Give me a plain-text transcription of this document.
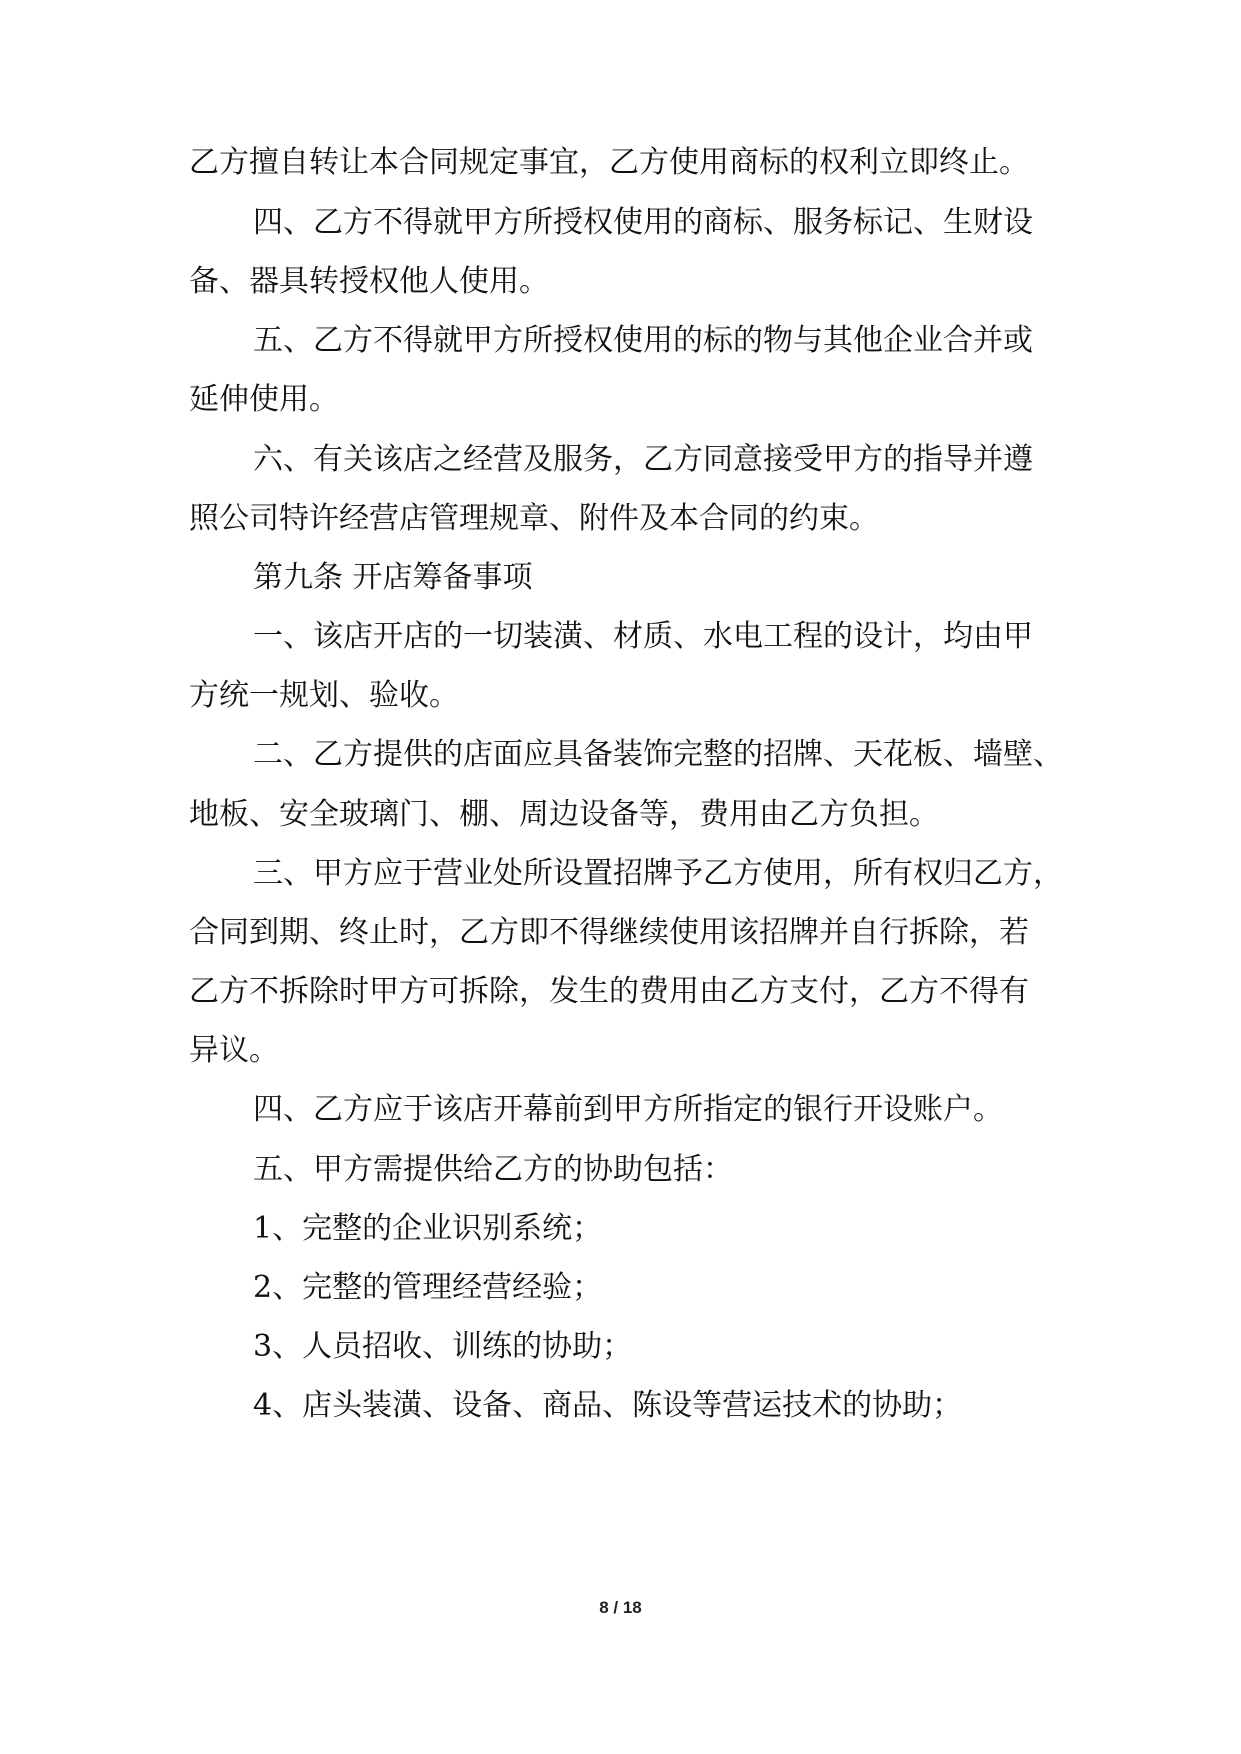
乙方擅自转让本合同规定事宜，乙方使用商标的权利立即终止。
四、乙方不得就甲方所授权使用的商标、服务标记、生财设
备、器具转授权他人使用。
五、乙方不得就甲方所授权使用的标的物与其他企业合并或
延伸使用。
六、有关该店之经营及服务，乙方同意接受甲方的指导并遵
照公司特许经营店管理规章、附件及本合同的约束。
第九条 开店筹备事项
一、该店开店的一切装潢、材质、水电工程的设计，均由甲
方统一规划、验收。
二、乙方提供的店面应具备装饰完整的招牌、天花板、墙壁、
地板、安全玻璃门、棚、周边设备等，费用由乙方负担。
三、甲方应于营业处所设置招牌予乙方使用，所有权归乙方，
合同到期、终止时，乙方即不得继续使用该招牌并自行拆除，若
乙方不拆除时甲方可拆除，发生的费用由乙方支付，乙方不得有
异议。
四、乙方应于该店开幕前到甲方所指定的银行开设账户。
五、甲方需提供给乙方的协助包括：
1、完整的企业识别系统；
2、完整的管理经营经验；
3、人员招收、训练的协助；
4、店头装潢、设备、商品、陈设等营运技术的协助；
8 / 18
